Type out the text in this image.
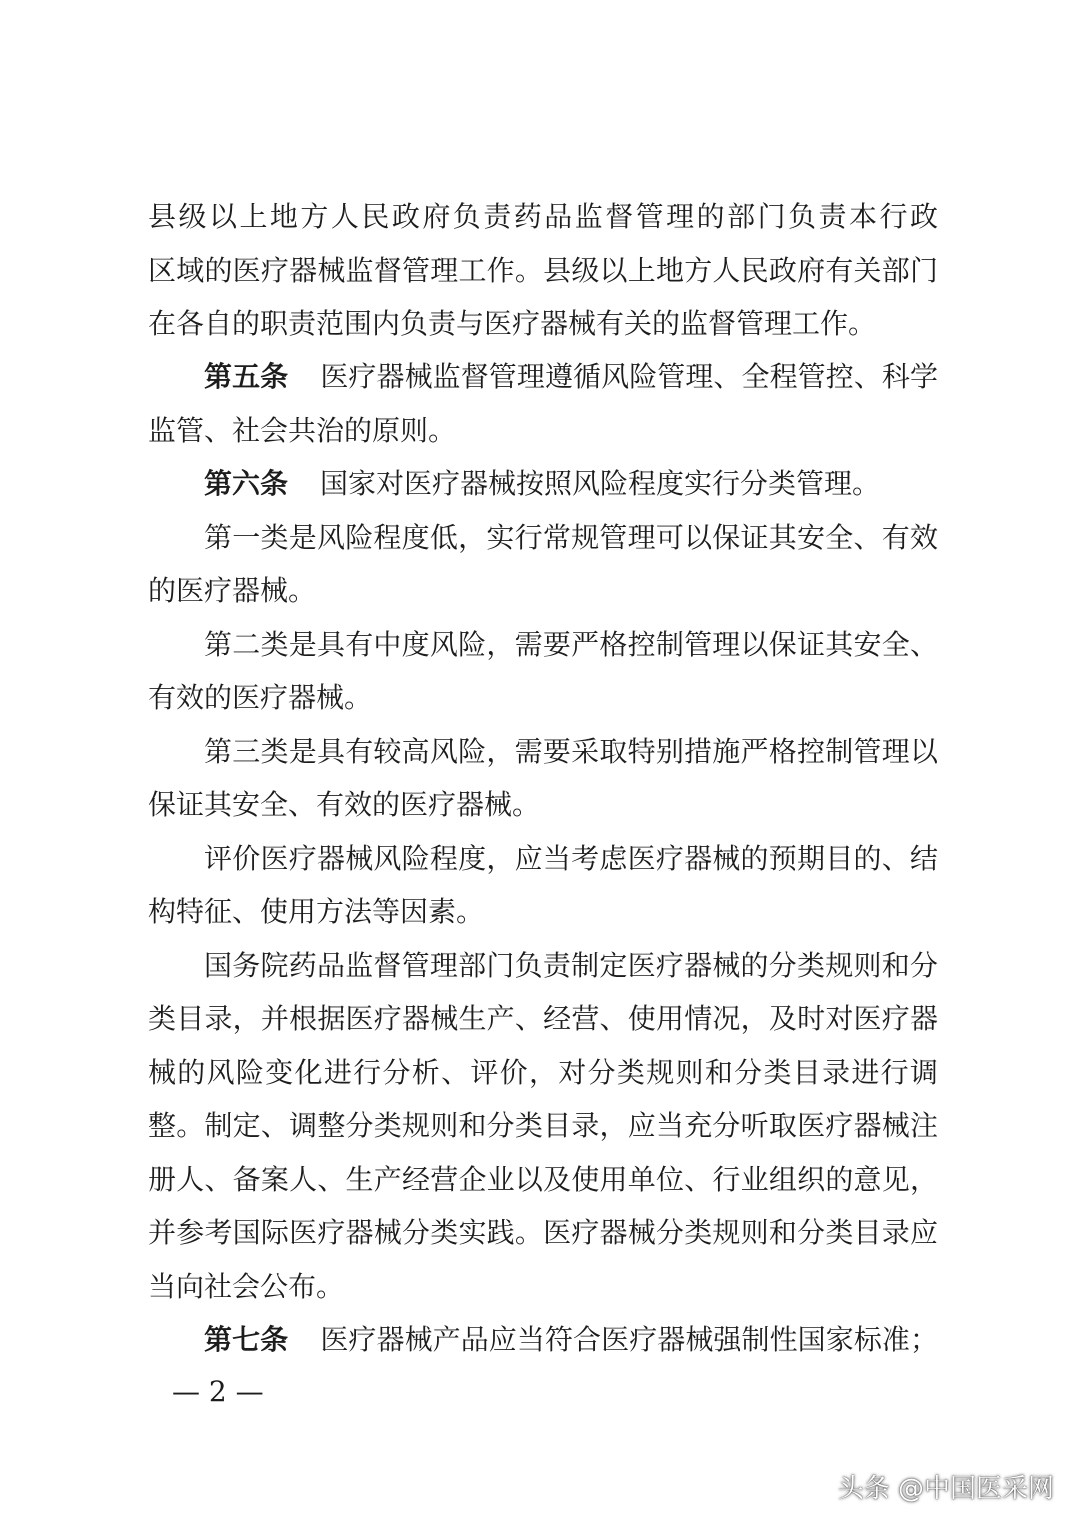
县级以上地方人民政府负责药品监督管理的部门负责本行政
区域的医疗器械监督管理工作。县级以上地方人民政府有关部门
在各自的职责范围内负责与医疗器械有关的监督管理工作。
第五条 医疗器械监督管理遵循风险管理、全程管控、科学
监管、社会共治的原则。
第六条 国家对医疗器械按照风险程度实行分类管理。
第一类是风险程度低，实行常规管理可以保证其安全、有效
的医疗器械。
第二类是具有中度风险，需要严格控制管理以保证其安全、
有效的医疗器械。
第三类是具有较高风险，需要采取特别措施严格控制管理以
保证其安全、有效的医疗器械。
评价医疗器械风险程度，应当考虑医疗器械的预期目的、结
构特征、使用方法等因素。
国务院药品监督管理部门负责制定医疗器械的分类规则和分
类目录，并根据医疗器械生产、经营、使用情况，及时对医疗器
械的风险变化进行分析、评价，对分类规则和分类目录进行调
整。制定、调整分类规则和分类目录，应当充分听取医疗器械注
册人、备案人、生产经营企业以及使用单位、行业组织的意见，
并参考国际医疗器械分类实践。医疗器械分类规则和分类目录应
当向社会公布。
第七条 医疗器械产品应当符合医疗器械强制性国家标准；
— 2 —
头条 @中国医采网
